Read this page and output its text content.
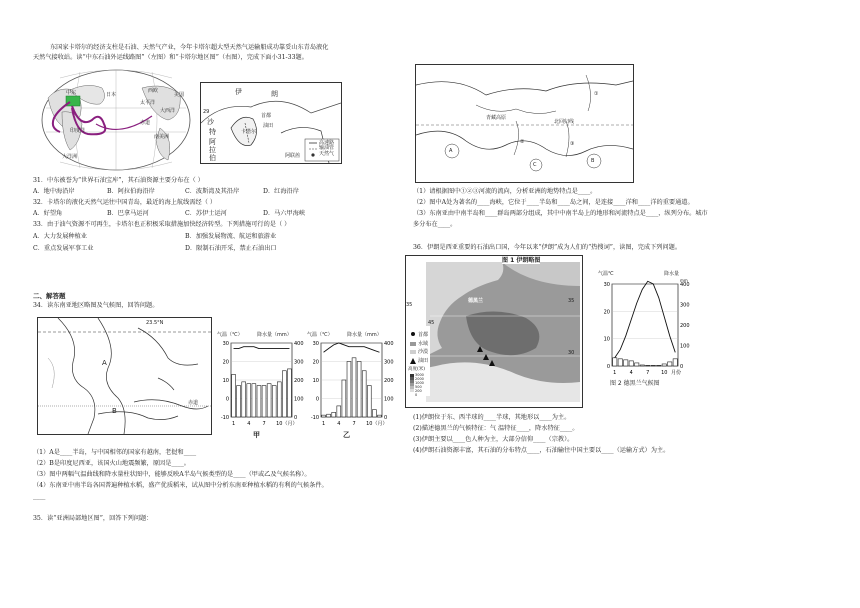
东国家卡塔尔的经济支柱是石油、天然气产业，今年卡塔尔超大型天然气运输船成功靠妥山东青岛液化
天然气接收站。读“中东石油外运线路图”（左图）和“卡塔尔地区图”（右图），完成下面小31-33题。
中东	日本
太平洋
大西洋
西欧
美国
赤道
南美洲
印度洋
大洋洲
伊	朗
卡塔尔
沙
特
阿
拉
伯
29
首都
油田
天然气
阿联酋
高速路
输油管
31．中东被誉为“世界石油宝库”，其石油资源主要分布在（ ）
A．地中海沿岸	B．阿拉伯海沿岸	C．波斯湾及其沿岸	D．红海沿岸
32．卡塔尔的液化天然气运往中国青岛，最近的海上航线需经（ ）
A．好望角	B．巴拿马运河	C．苏伊士运河	D．马六甲海峡
33．由于油气资源不可再生，卡塔尔也正积极采取措施加快经济转型。下列措施可行的是（ ）
A．大力发展种植业	B．加强发展物流、航运和旅游业
C．重点发展军事工业	D．限制石油开采，禁止石油出口
二、解答题
34．读东南亚地区略图及气候图，回答问题。
23.5°N
A
B
赤道
气温（℃）	降水量（mm）
30
20
10
0
-10
400
300
200
100
0
1 4 7 10 （月）
甲
气温（℃）	降水量（mm）
30
20
10
0
-10
400
300
200
100
0
1 4 7 10 （月）
乙
（1）A是____半岛，与中国相邻的国家有越南，老挝和____
（2）B是印度尼西亚，该国火山地震频繁，原因是____。
（3）图中两幅气温曲线和降水量柱状图中，能够反映A半岛气候类型的是____（甲或乙及气候名称）。
（4）东南亚中南半岛各国普遍种植水稻，盛产优质稻米，试从图中分析东南亚种植水稻的有利的气候条件。
____
35．读“亚洲局部地区图”，回答下列问题：
青藏高原
①
②	③
A
B
C
北回归线
（1）请根据图中①②③河流的流向，分析亚洲的地势特点是____。
（2）图中A处为著名的____海峡，它位于____半岛和____岛之间，是连接____洋和____洋的重要通道。
（3）东南亚由中南半岛和____群岛两部分组成，其中中南半岛上的地形和河流特点是____，纵列分布。城市
多分布在____。
36．伊朗是西亚重要的石油出口国，今年以来“伊朗”成为人们的“热搜词”，读图，完成下列问题。
图 1 伊朗略图
45
35
30
35
德黑兰
首都
水域
沙漠
油田
高度(米)
3000
2000
1000
500
200
0
气温℃	降水量
mm
30
20
10
0
400
300
200
100
0
1	4	7 10 月份
图 2 德黑兰气候图
(1)伊朗位于东、西半球的____半球，其地形以____为主。
(2)描述德黑兰的气候特征：气 温特征____，降水特征____。
(3)伊朗主要以____色人种为主，大部分信仰____（宗教）。
(4)伊朗石油资源丰富，其石油的分布特点____，石油输往中国主要以____（运输方式）为主。
